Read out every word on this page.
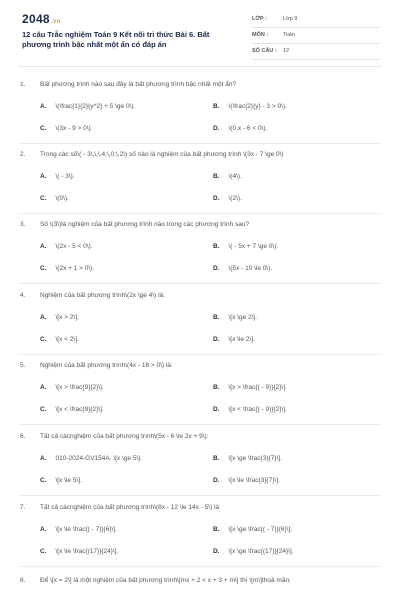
2048.vn
12 câu Trắc nghiệm Toán 9 Kết nối tri thức Bài 6. Bất phương trình bậc nhất một ẩn có đáp án
LỚP :	Lớp 9
MÔN :	Toán
SỐ CÂU : 12
1. Bất phương trình nào sau đây là bất phương trình bậc nhất một ẩn?
A. \(\frac{1}{2}{y^2} + 5 \ge 0\).	B. \(\frac{2}{y} - 3 > 0\).
C. \(3x - 9 > 0\).	D. \(0.x - 6 < 0\).
2. Trong các số\( - 3\,\,\,4;\,0;\,2\) số nào là nghiệm của bất phương trình \(3x - 7 \ge 0\)
A. \( - 3\).	B. \(4\).
C. \(0\).	D. \(2\).
3. Số \(3\)là nghiệm của bất phương trình nào trong các phương trình sau?
A. \(2x - 5 < 0\).	B. \( - 5x + 7 \ge 0\).
C. \(2x + 1 > 0\).	D. \(5x - 10 \le 0\).
4. Nghiệm của bất phương trình\(2x \ge 4\) là:
A. \[x > 2\].	B. \[x \ge 2\].
C. \[x < 2\].	D. \[x \le 2\].
5. Nghiệm của bất phương trình\(4x - 18 > 0\) là:
A. \[x > \frac{9}{2}\].	B. \[x > \frac{( - 9)}{2}\].
C. \[x < \frac{9}{2}\].	D. \[x < \frac{( - 9)}{2}\].
6. Tất cả cácnghiệm của bất phương trình\(5x - 6 \le 2x + 9\):
A. 010-2024-GV154A. \[x \ge 5\].	B. \[x \ge \frac{3}{7}\].
C. \[x \le 5\].	D. \[x \le \frac{3}{7}\].
7. Tất cả cácnghiệm của bất phương trình\(8x - 12 \le 14x - 5\) là
A. \[x \le \frac{( - 7)}{6}\].	B. \[x \ge \frac{( - 7)}{6}\].
C. \[x \le \frac{(17)}{24}\].	D. \[x \ge \frac{(17)}{24}\].
8. Để \[x = 2\] là một nghiệm của bất phương trình\[mx + 2 < x + 3 + m\] thì \[m\]thoả mãn:
